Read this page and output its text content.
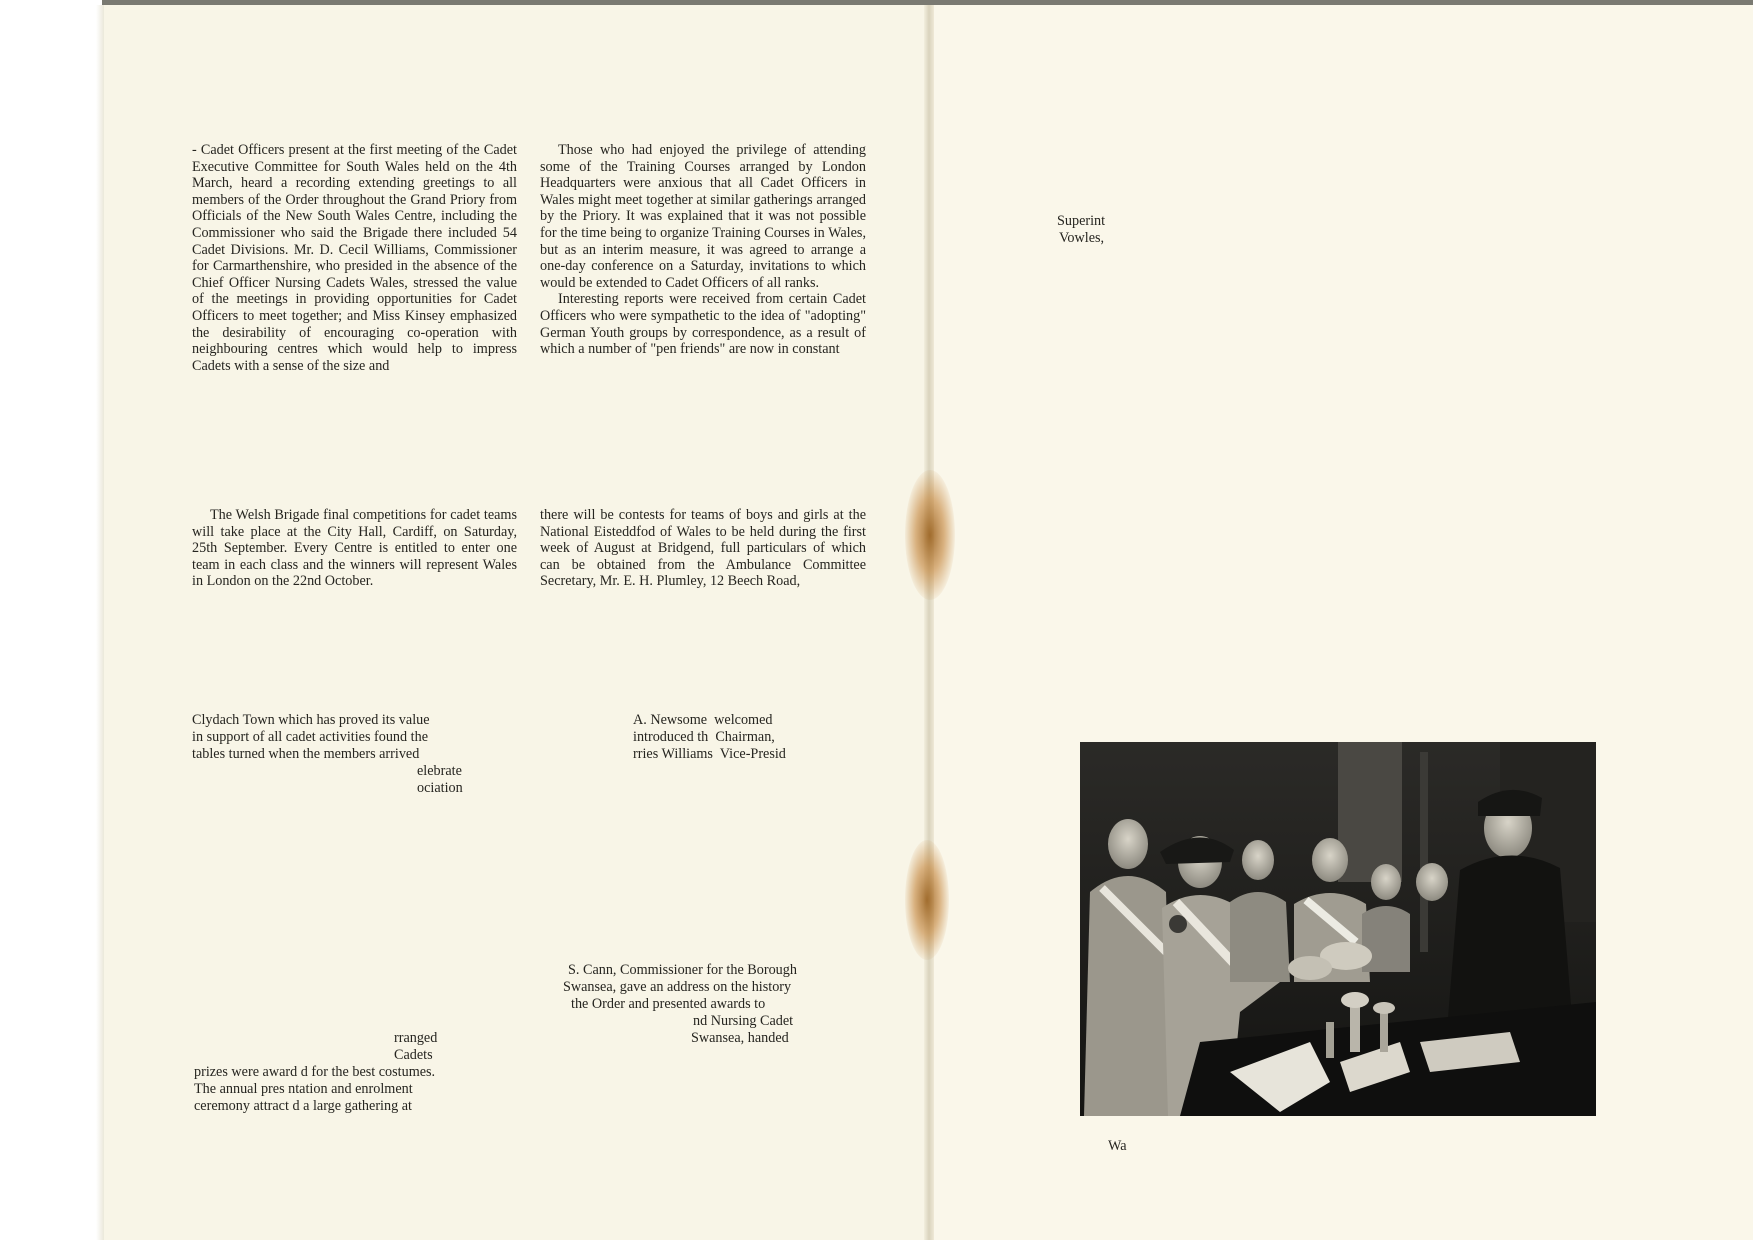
- Cadet Officers present at the first meeting of the Cadet Executive Committee for South Wales held on the 4th March, heard a recording extending greetings to all members of the Order throughout the Grand Priory from Officials of the New South Wales Centre, including the Commissioner who said the Brigade there included 54 Cadet Divisions. Mr. D. Cecil Williams, Commissioner for Carmarthenshire, who presided in the absence of the Chief Officer Nursing Cadets Wales, stressed the value of the meetings in providing opportunities for Cadet Officers to meet together; and Miss Kinsey emphasized the desirability of encouraging co-operation with neighbouring centres which would help to impress Cadets with a sense of the size and

Those who had enjoyed the privilege of attending some of the Training Courses arranged by London Headquarters were anxious that all Cadet Officers in Wales might meet together at similar gatherings arranged by the Priory. It was explained that it was not possible for the time being to organize Training Courses in Wales, but as an interim measure, it was agreed to arrange a one-day conference on a Saturday, invitations to which would be extended to Cadet Officers of all ranks.

Interesting reports were received from certain Cadet Officers who were sympathetic to the idea of "adopting" German Youth groups by correspondence, as a result of which a number of "pen friends" are now in constant

The Welsh Brigade final competitions for cadet teams will take place at the City Hall, Cardiff, on Saturday, 25th September. Every Centre is entitled to enter one team in each class and the winners will represent Wales in London on the 22nd October.

there will be contests for teams of boys and girls at the National Eisteddfod of Wales to be held during the first week of August at Bridgend, full particulars of which can be obtained from the Ambulance Committee Secretary, Mr. E. H. Plumley, 12 Beech Road,

Clydach Town which has proved its value
in support of all cadet activities found the
tables turned when the members arrived
elebrate
ociation
A. Newsome  welcomed
introduced th  Chairman,
rries Williams  Vice-Presid
rranged
Cadets
prizes were award d for the best costumes.
The annual pres ntation and enrolment
ceremony attract d a large gathering at
S. Cann, Commissioner for the Borough
Swansea, gave an address on the history
the Order and presented awards to
nd Nursing Cadet
Swansea, handed
Superint
Vowles,
Wa
